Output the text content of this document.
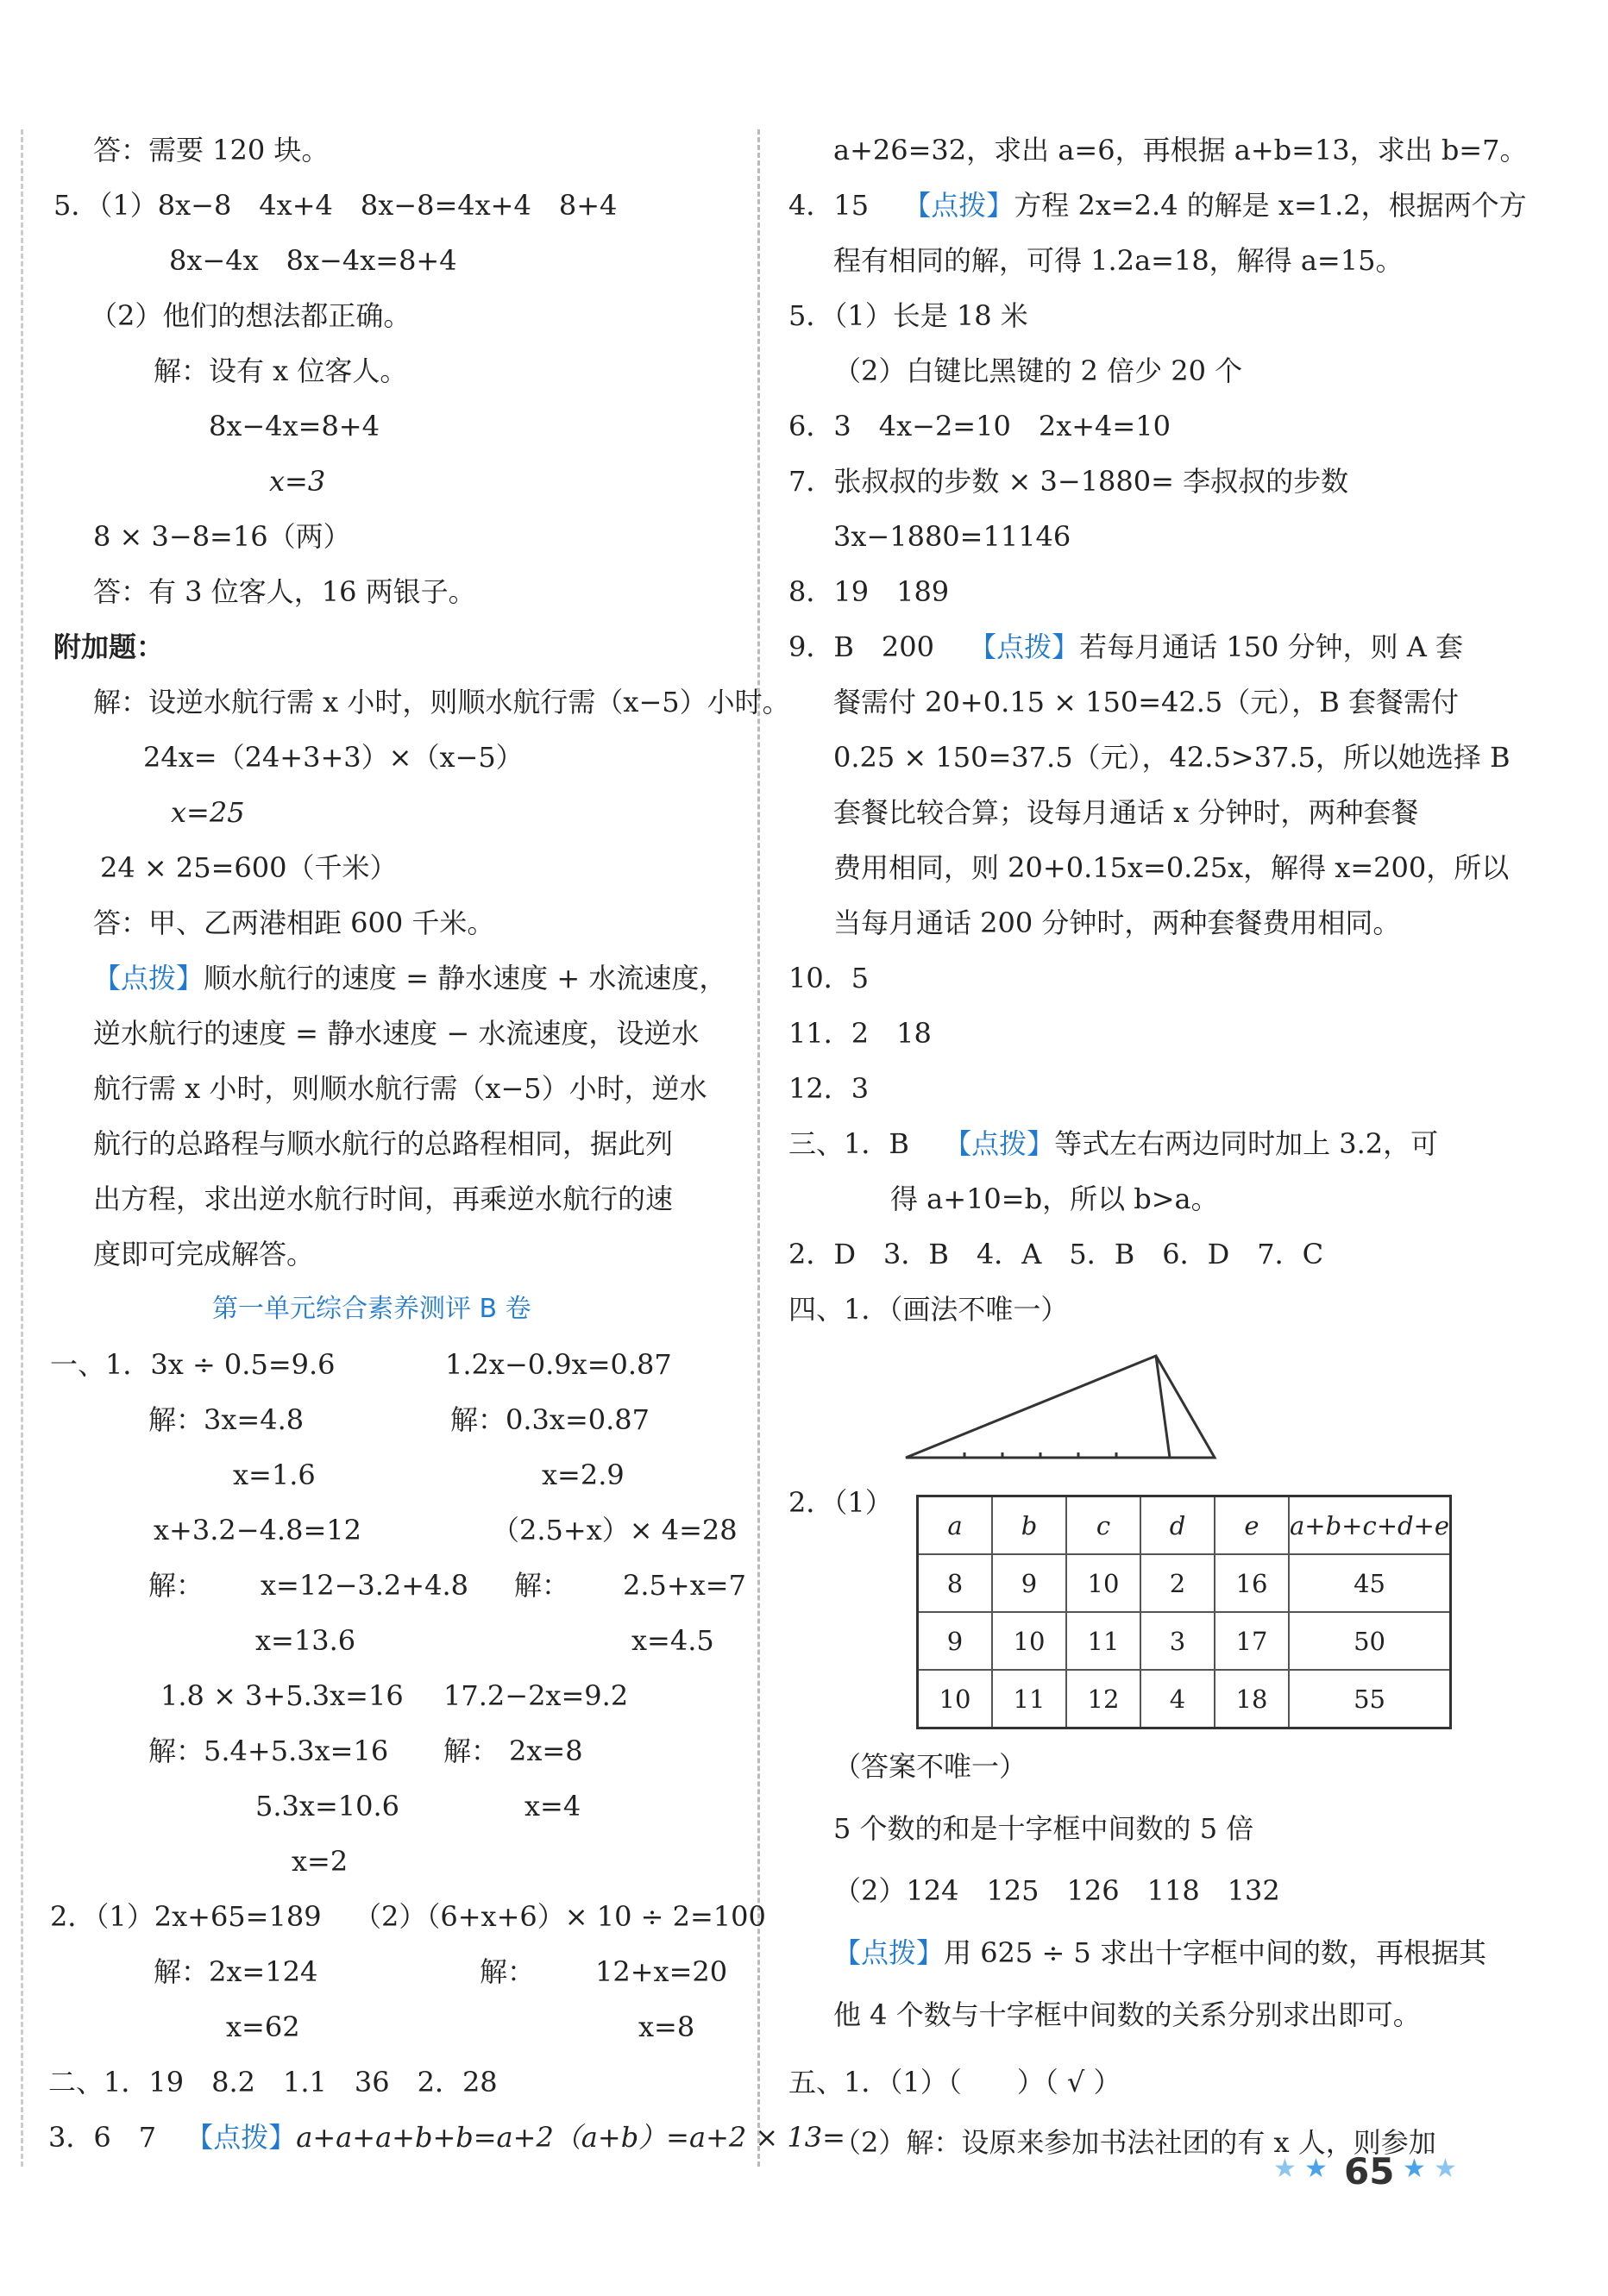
答：需要 120 块。
5．（1）8x−8　4x+4　8x−8=4x+4　8+4
8x−4x　8x−4x=8+4
（2）他们的想法都正确。
解：设有 x 位客人。
8x−4x=8+4
x=3
8 × 3−8=16（两）
答：有 3 位客人，16 两银子。
附加题：
解：设逆水航行需 x 小时，则顺水航行需（x−5）小时。
24x=（24+3+3）×（x−5）
x=25
24 × 25=600（千米）
答：甲、乙两港相距 600 千米。
【点拨】顺水航行的速度 = 静水速度 + 水流速度，
逆水航行的速度 = 静水速度 − 水流速度，设逆水
航行需 x 小时，则顺水航行需（x−5）小时，逆水
航行的总路程与顺水航行的总路程相同，据此列
出方程，求出逆水航行时间，再乘逆水航行的速
度即可完成解答。
第一单元综合素养测评 B 卷
一、1．3x ÷ 0.5=9.6	1.2x−0.9x=0.87
解：3x=4.8	解：0.3x=0.87
x=1.6	x=2.9
x+3.2−4.8=12	（2.5+x）× 4=28
解： x=12−3.2+4.8 解： 2.5+x=7
x=13.6	x=4.5
1.8 × 3+5.3x=16 17.2−2x=9.2
解：5.4+5.3x=16 解： 2x=8
5.3x=10.6	x=4
x=2
2．（1）2x+65=189 （2）（6+x+6）× 10 ÷ 2=100
解：2x=124	解： 12+x=20
x=62	x=8
二、1．19　8.2　1.1　36　2．28
3．6　7 【点拨】a+a+a+b+b=a+2（a+b）=a+2 × 13=
a+26=32，求出 a=6，再根据 a+b=13，求出 b=7。
4．15 【点拨】方程 2x=2.4 的解是 x=1.2，根据两个方
程有相同的解，可得 1.2a=18，解得 a=15。
5．（1）长是 18 米
（2）白键比黑键的 2 倍少 20 个
6．3　4x−2=10　2x+4=10
7．张叔叔的步数 × 3−1880= 李叔叔的步数
3x−1880=11146
8．19　189
9．B　200 【点拨】若每月通话 150 分钟，则 A 套
餐需付 20+0.15 × 150=42.5（元），B 套餐需付
0.25 × 150=37.5（元），42.5>37.5，所以她选择 B
套餐比较合算；设每月通话 x 分钟时，两种套餐
费用相同，则 20+0.15x=0.25x，解得 x=200，所以
当每月通话 200 分钟时，两种套餐费用相同。
10．5
11．2　18
12．3
三、1．B 【点拨】等式左右两边同时加上 3.2，可
得 a+10=b，所以 b>a。
2．D　3．B　4．A　5．B　6．D　7．C
四、1．（画法不唯一）
2．（1）
a	b	c	d	e	a+b+c+d+e
8	9	10	2	16	45
9	10	11	3	17	50
10	11	12	4	18	55
（答案不唯一）
5 个数的和是十字框中间数的 5 倍
（2）124　125　126　118　132
【点拨】用 625 ÷ 5 求出十字框中间的数，再根据其
他 4 个数与十字框中间数的关系分别求出即可。
五、1．（1）（　　）（ √ ）
（2）解：设原来参加书法社团的有 x 人，则参加
★ ★ 65 ★ ★
